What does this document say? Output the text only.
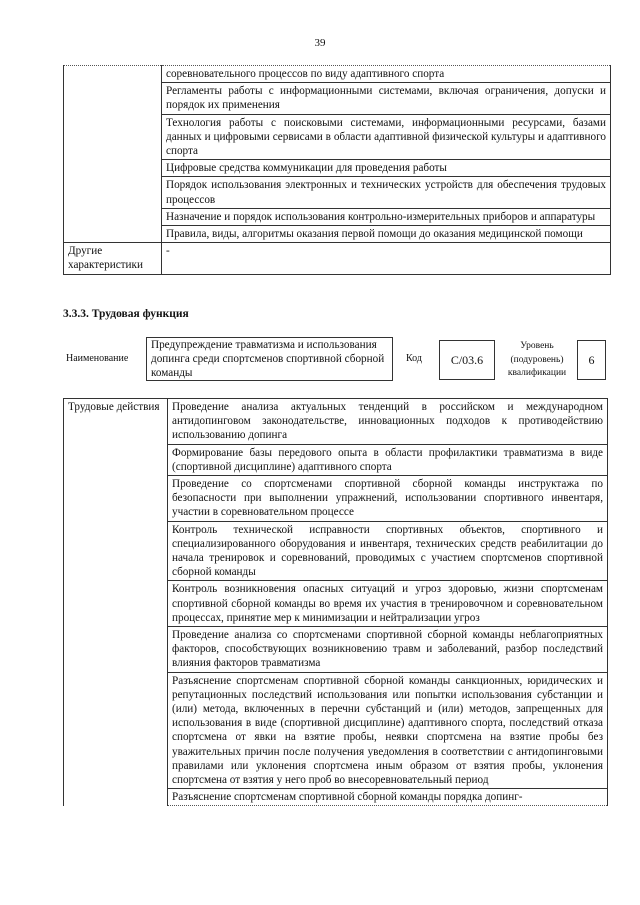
39
	соревновательного процессов по виду адаптивного спорта
	Регламенты работы с информационными системами, включая ограничения, допуски и порядок их применения
	Технология работы с поисковыми системами, информационными ресурсами, базами данных и цифровыми сервисами в области адаптивной физической культуры и адаптивного спорта
	Цифровые средства коммуникации для проведения работы
	Порядок использования электронных и технических устройств для обеспечения трудовых процессов
	Назначение и порядок использования контрольно-измерительных приборов и аппаратуры
	Правила, виды, алгоритмы оказания первой помощи до оказания медицинской помощи
Другие характеристики	-
3.3.3. Трудовая функция
Наименование
Предупреждение травматизма и использования допинга среди спортсменов спортивной сборной команды
Код	С/03.6
Уровень (подуровень) квалификации
6
Трудовые действия	Проведение анализа актуальных тенденций в российском и международном антидопинговом законодательстве, инновационных подходов к противодействию использованию допинга
Формирование базы передового опыта в области профилактики травматизма в виде (спортивной дисциплине) адаптивного спорта
Проведение со спортсменами спортивной сборной команды инструктажа по безопасности при выполнении упражнений, использовании спортивного инвентаря, участии в соревновательном процессе
Контроль технической исправности спортивных объектов, спортивного и специализированного оборудования и инвентаря, технических средств реабилитации до начала тренировок и соревнований, проводимых с участием спортсменов спортивной сборной команды
Контроль возникновения опасных ситуаций и угроз здоровью, жизни спортсменам спортивной сборной команды во время их участия в тренировочном и соревновательном процессах, принятие мер к минимизации и нейтрализации угроз
Проведение анализа со спортсменами спортивной сборной команды неблагоприятных факторов, способствующих возникновению травм и заболеваний, разбор последствий влияния факторов травматизма
Разъяснение спортсменам спортивной сборной команды санкционных, юридических и репутационных последствий использования или попытки использования субстанции и (или) метода, включенных в перечни субстанций и (или) методов, запрещенных для использования в виде (спортивной дисциплине) адаптивного спорта, последствий отказа спортсмена от явки на взятие пробы, неявки спортсмена на взятие пробы без уважительных причин после получения уведомления в соответствии с антидопинговыми правилами или уклонения спортсмена иным образом от взятия пробы, уклонения спортсмена от взятия у него проб во внесоревновательный период
Разъяснение спортсменам спортивной сборной команды порядка допинг-
